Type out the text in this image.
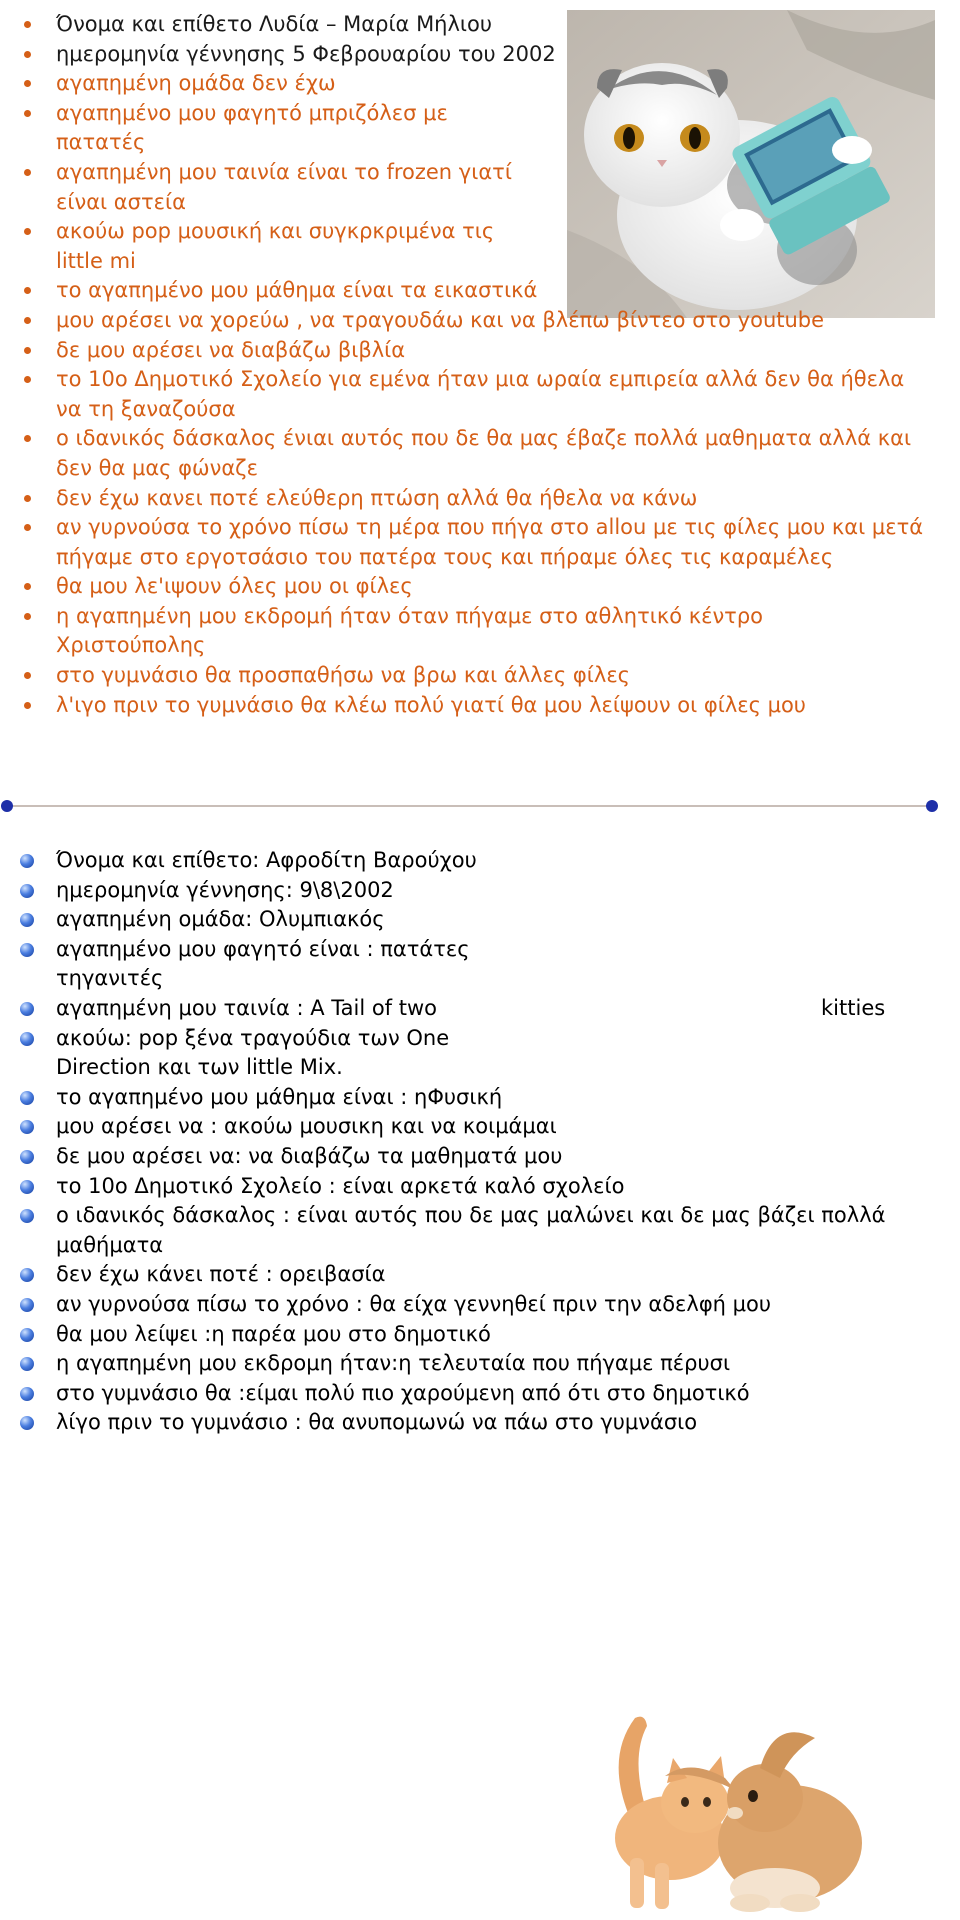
Όνομα και επίθετο Λυδία – Μαρία Μήλιου
ημερομηνία γέννησης 5 Φεβρουαρίου του 2002
αγαπημένη ομάδα δεν έχω
αγαπημένο μου φαγητό μπριζόλεσ με πατατές
αγαπημένη μου ταινία είναι το frozen γιατί είναι αστεία
ακούω pop μουσική και συγκρκριμένα τις little mi
το αγαπημένο μου μάθημα είναι τα εικαστικά
μου αρέσει να χορεύω , να τραγουδάω και να βλέπω βίντεο στο youtube
δε μου αρέσει να διαβάζω βιβλία
το 10ο Δημοτικό Σχολείο για εμένα ήταν μια ωραία εμπιρεία αλλά δεν θα ήθελα να τη ξαναζούσα
ο ιδανικός δάσκαλος ένιαι αυτός που δε θα μας έβαζε πολλά μαθηματα αλλά και δεν θα μας φώναζε
δεν έχω κανει ποτέ ελεύθερη πτώση αλλά θα ήθελα να κάνω
αν γυρνούσα το χρόνο πίσω τη μέρα που πήγα στο allou με τις φίλες μου και μετά πήγαμε στο εργοτσάσιο του πατέρα τους και πήραμε όλες τις καραμέλες
θα μου λε'ιψουν όλες μου οι φίλες
η αγαπημένη μου εκδρομή ήταν όταν πήγαμε στο αθλητικό κέντρο Χριστούπολης
στο γυμνάσιο θα προσπαθήσω να βρω και άλλες φίλες
λ'ιγο πριν το γυμνάσιο θα κλέω πολύ γιατί θα μου λείψουν οι φίλες μου
Όνομα και επίθετο: Αφροδίτη Βαρούχου
ημερομηνία γέννησης: 9\8\2002
αγαπημένη ομάδα: Ολυμπιακός
αγαπημένο μου φαγητό είναι : πατάτες τηγανιτές
αγαπημένη μου ταινία : A Tail of two	kitties
ακούω: pop ξένα τραγούδια των One Direction και των little Mix.
το αγαπημένο μου μάθημα είναι : ηΦυσική
μου αρέσει να : ακούω μουσικη και να κοιμάμαι
δε μου αρέσει να: να διαβάζω τα μαθηματά μου
το 10ο Δημοτικό Σχολείο : είναι αρκετά καλό σχολείο
ο ιδανικός δάσκαλος : είναι αυτός που δε μας μαλώνει και δε μας βάζει πολλά μαθήματα
δεν έχω κάνει ποτέ : ορειβασία
αν γυρνούσα πίσω το χρόνο : θα είχα γεννηθεί πριν την αδελφή μου
θα μου λείψει :η παρέα μου στο δημοτικό
η αγαπημένη μου εκδρομη ήταν:η τελευταία που πήγαμε πέρυσι
στο γυμνάσιο θα :είμαι πολύ πιο χαρούμενη από ότι στο δημοτικό
λίγο πριν το γυμνάσιο : θα ανυπομωνώ να πάω στο γυμνάσιο
